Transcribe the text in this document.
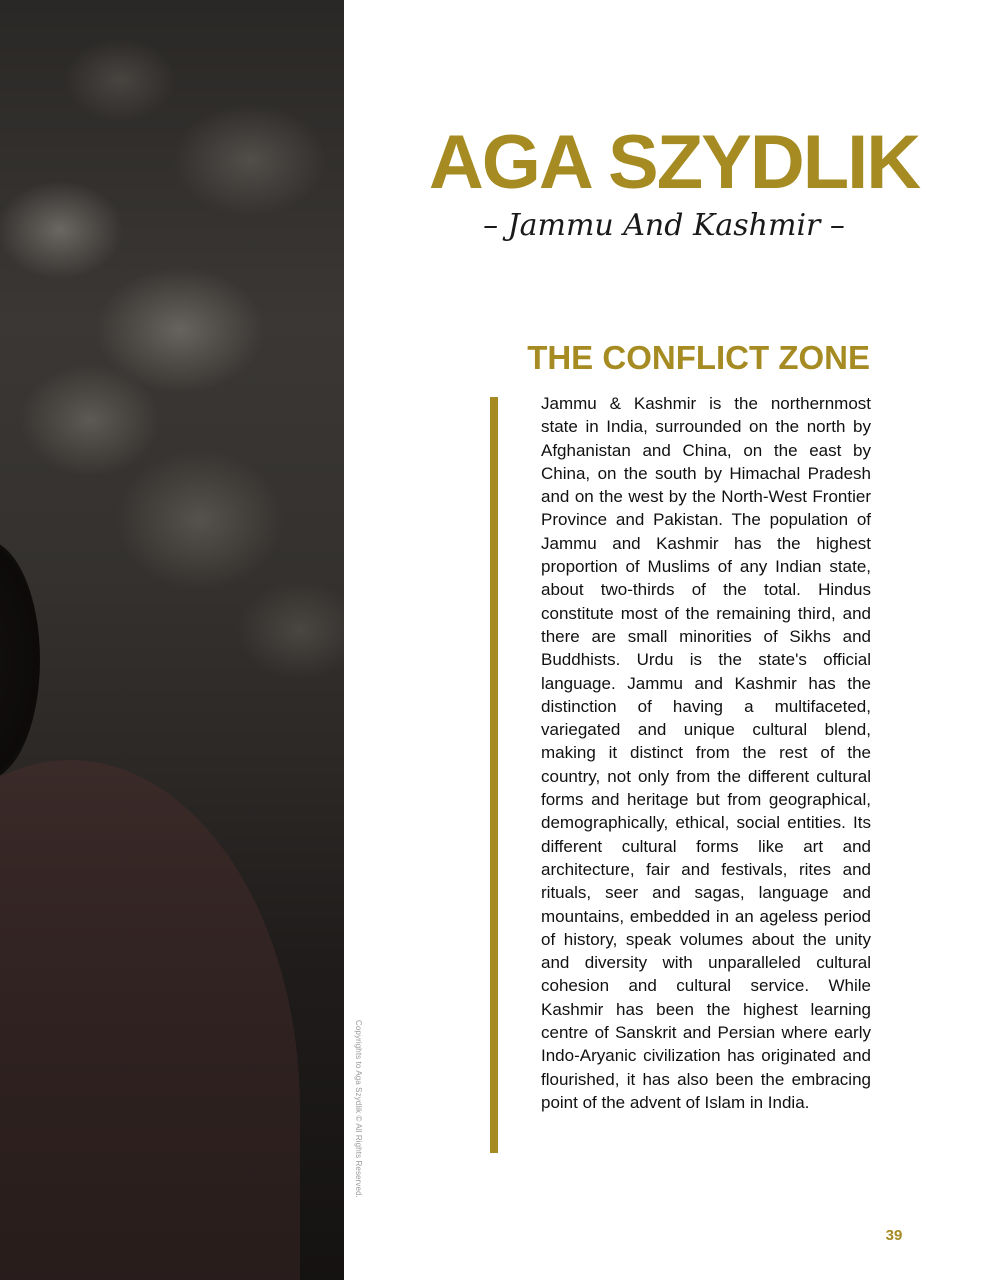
Copyrights to Aga Szydlik © All Rights Reserved.
AGA SZYDLIK
– Jammu And Kashmir –
THE CONFLICT ZONE

Jammu & Kashmir is the northernmost state in India, surrounded on the north by Afghanistan and China, on the east by China, on the south by Himachal Pradesh and on the west by the North-West Frontier Province and Pakistan. The population of Jammu and Kashmir has the highest proportion of Muslims of any Indian state, about two-thirds of the total. Hindus constitute most of the remaining third, and there are small minorities of Sikhs and Buddhists. Urdu is the state's official language. Jammu and Kashmir has the distinction of having a multifaceted, variegated and unique cultural blend, making it distinct from the rest of the country, not only from the different cultural forms and heritage but from geographical, demographically, ethical, social entities. Its different cultural forms like art and architecture, fair and festivals, rites and rituals, seer and sagas, language and mountains, embedded in an ageless period of history, speak volumes about the unity and diversity with unparalleled cultural cohesion and cultural service. While Kashmir has been the highest learning centre of Sanskrit and Persian where early Indo-Aryanic civilization has originated and flourished, it has also been the embracing point of the advent of Islam in India.

39
